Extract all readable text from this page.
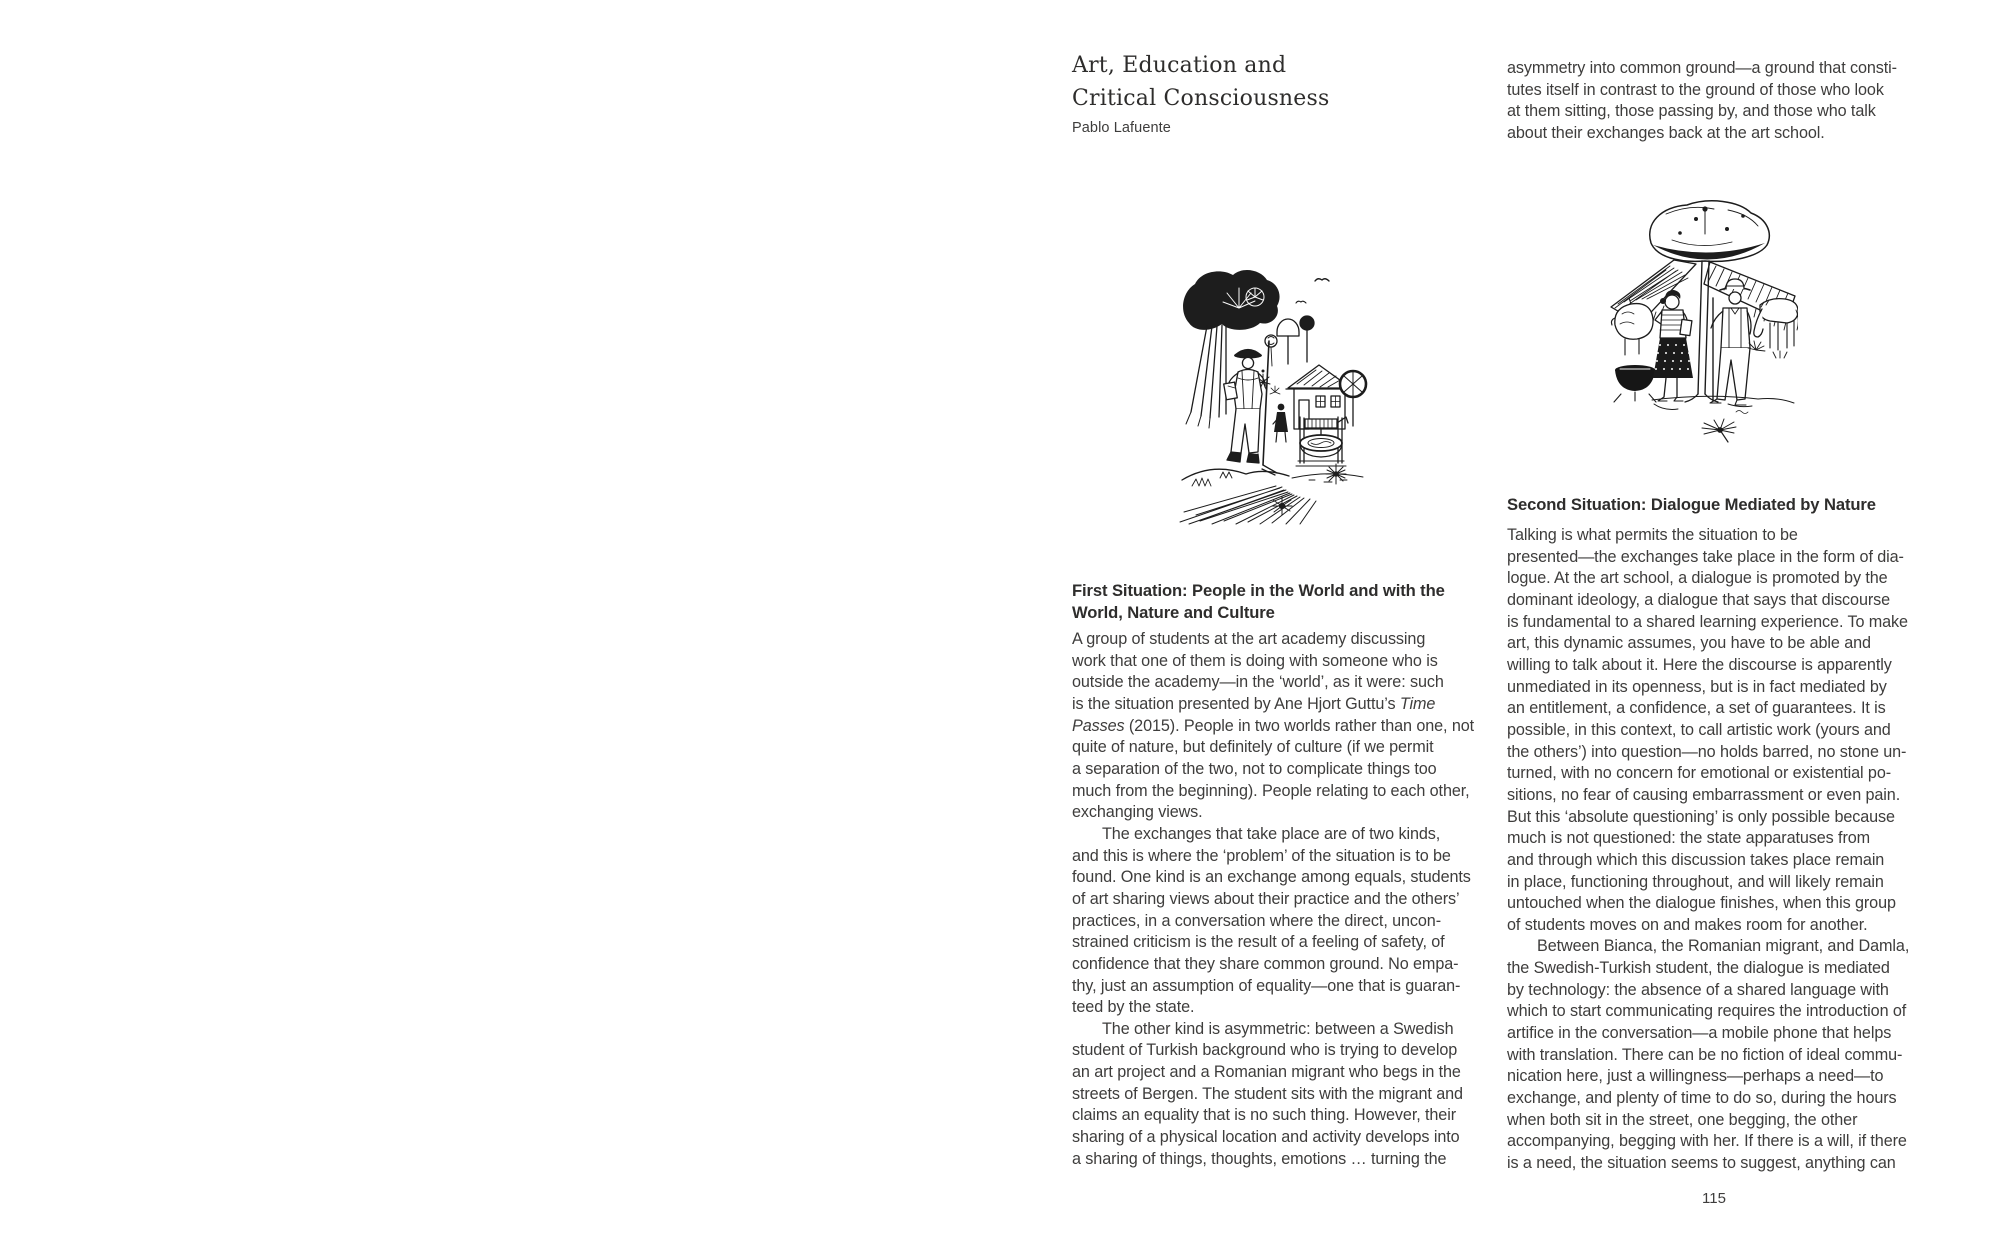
Art, Education and
Critical Consciousness
Pablo Lafuente
First Situation: People in the World and with the
World, Nature and Culture
A group of students at the art academy discussing
work that one of them is doing with someone who is
outside the academy—in the ‘world’, as it were: such
is the situation presented by Ane Hjort Guttu’s Time
Passes (2015). People in two worlds rather than one, not
quite of nature, but definitely of culture (if we permit
a separation of the two, not to complicate things too
much from the beginning). People relating to each other,
exchanging views.
The exchanges that take place are of two kinds,
and this is where the ‘problem’ of the situation is to be
found. One kind is an exchange among equals, students
of art sharing views about their practice and the others’
practices, in a conversation where the direct, uncon-
strained criticism is the result of a feeling of safety, of
confidence that they share common ground. No empa-
thy, just an assumption of equality—one that is guaran-
teed by the state.
The other kind is asymmetric: between a Swedish
student of Turkish background who is trying to develop
an art project and a Romanian migrant who begs in the
streets of Bergen. The student sits with the migrant and
claims an equality that is no such thing. However, their
sharing of a physical location and activity develops into
a sharing of things, thoughts, emotions … turning the
asymmetry into common ground—a ground that consti-
tutes itself in contrast to the ground of those who look
at them sitting, those passing by, and those who talk
about their exchanges back at the art school.
Second Situation: Dialogue Mediated by Nature
Talking is what permits the situation to be
presented—the exchanges take place in the form of dia-
logue. At the art school, a dialogue is promoted by the
dominant ideology, a dialogue that says that discourse
is fundamental to a shared learning experience. To make
art, this dynamic assumes, you have to be able and
willing to talk about it. Here the discourse is apparently
unmediated in its openness, but is in fact mediated by
an entitlement, a confidence, a set of guarantees. It is
possible, in this context, to call artistic work (yours and
the others’) into question—no holds barred, no stone un-
turned, with no concern for emotional or existential po-
sitions, no fear of causing embarrassment or even pain.
But this ‘absolute questioning’ is only possible because
much is not questioned: the state apparatuses from
and through which this discussion takes place remain
in place, functioning throughout, and will likely remain
untouched when the dialogue finishes, when this group
of students moves on and makes room for another.
Between Bianca, the Romanian migrant, and Damla,
the Swedish-Turkish student, the dialogue is mediated
by technology: the absence of a shared language with
which to start communicating requires the introduction of
artifice in the conversation—a mobile phone that helps
with translation. There can be no fiction of ideal commu-
nication here, just a willingness—perhaps a need—to
exchange, and plenty of time to do so, during the hours
when both sit in the street, one begging, the other
accompanying, begging with her. If there is a will, if there
is a need, the situation seems to suggest, anything can
115
